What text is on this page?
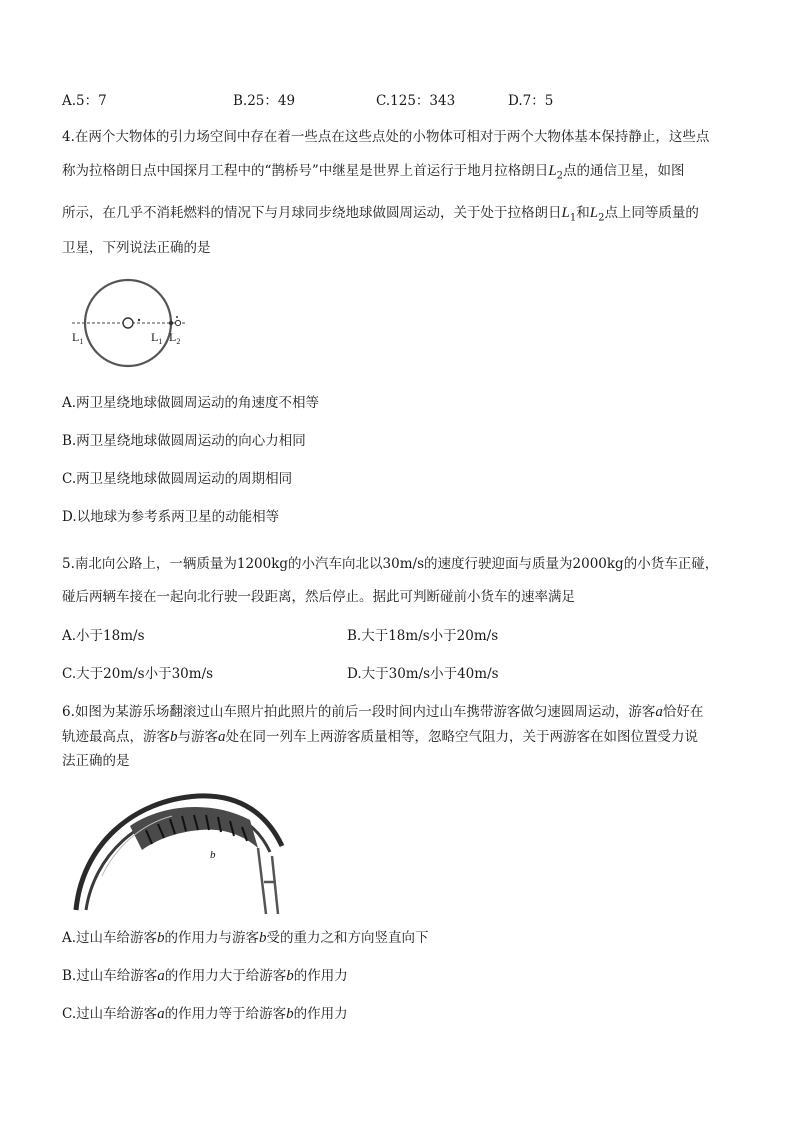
A.5：7	B.25：49	C.125：343	D.7：5
4.在两个大物体的引力场空间中存在着一些点在这些点处的小物体可相对于两个大物体基本保持静止，这些点
称为拉格朗日点中国探月工程中的“鹊桥号”中继星是世界上首运行于地月拉格朗日$L_2$点的通信卫星，如图
所示，在几乎不消耗燃料的情况下与月球同步绕地球做圆周运动，关于处于拉格朗日$L_1$和$L_2$点上同等质量的
卫星，下列说法正确的是
$L_1$	$L_1$ $L_2$
A.两卫星绕地球做圆周运动的角速度不相等
B.两卫星绕地球做圆周运动的向心力相同
C.两卫星绕地球做圆周运动的周期相同
D.以地球为参考系两卫星的动能相等
5.南北向公路上，一辆质量为1200kg的小汽车向北以30m/s的速度行驶迎面与质量为2000kg的小货车正碰，
碰后两辆车接在一起向北行驶一段距离，然后停止。据此可判断碰前小货车的速率满足
A.小于18m/s	B.大于18m/s小于20m/s
C.大于20m/s小于30m/s	D.大于30m/s小于40m/s
6.如图为某游乐场翻滚过山车照片拍此照片的前后一段时间内过山车携带游客做匀速圆周运动，游客a恰好在
轨迹最高点，游客b与游客a处在同一列车上两游客质量相等，忽略空气阻力，关于两游客在如图位置受力说
法正确的是
b
A.过山车给游客b的作用力与游客b受的重力之和方向竖直向下
B.过山车给游客a的作用力大于给游客b的作用力
C.过山车给游客a的作用力等于给游客b的作用力
